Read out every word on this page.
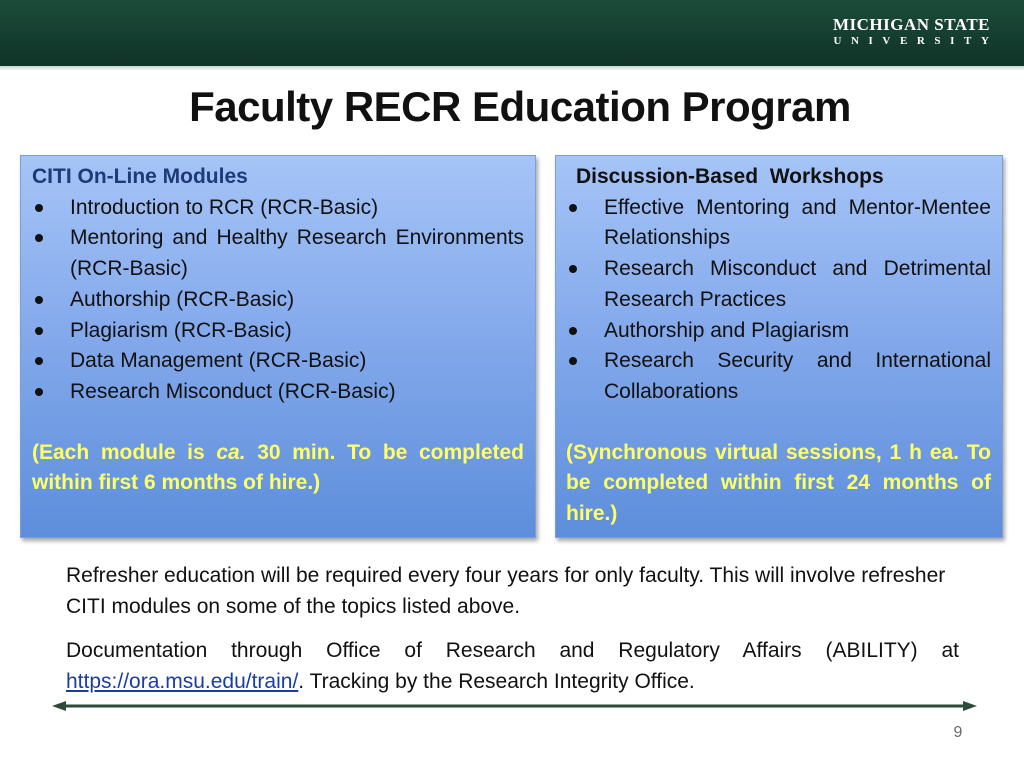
MICHIGAN STATE
UNIVERSITY
Faculty RECR Education Program
CITI On-Line Modules
Introduction to RCR (RCR-Basic)
Mentoring and Healthy Research Environments (RCR-Basic)
Authorship (RCR-Basic)
Plagiarism (RCR-Basic)
Data Management (RCR-Basic)
Research Misconduct (RCR-Basic)
(Each module is ca. 30 min. To be completed within first 6 months of hire.)
Discussion-Based  Workshops
Effective Mentoring and Mentor-Mentee Relationships
Research Misconduct and Detrimental Research Practices
Authorship and Plagiarism
Research Security and International Collaborations
(Synchronous virtual sessions, 1 h ea. To be completed within first 24 months of hire.)
Refresher education will be required every four years for only faculty. This will involve refresher CITI modules on some of the topics listed above.
Documentation through Office of Research and Regulatory Affairs (ABILITY) at https://ora.msu.edu/train/. Tracking by the Research Integrity Office.
9
